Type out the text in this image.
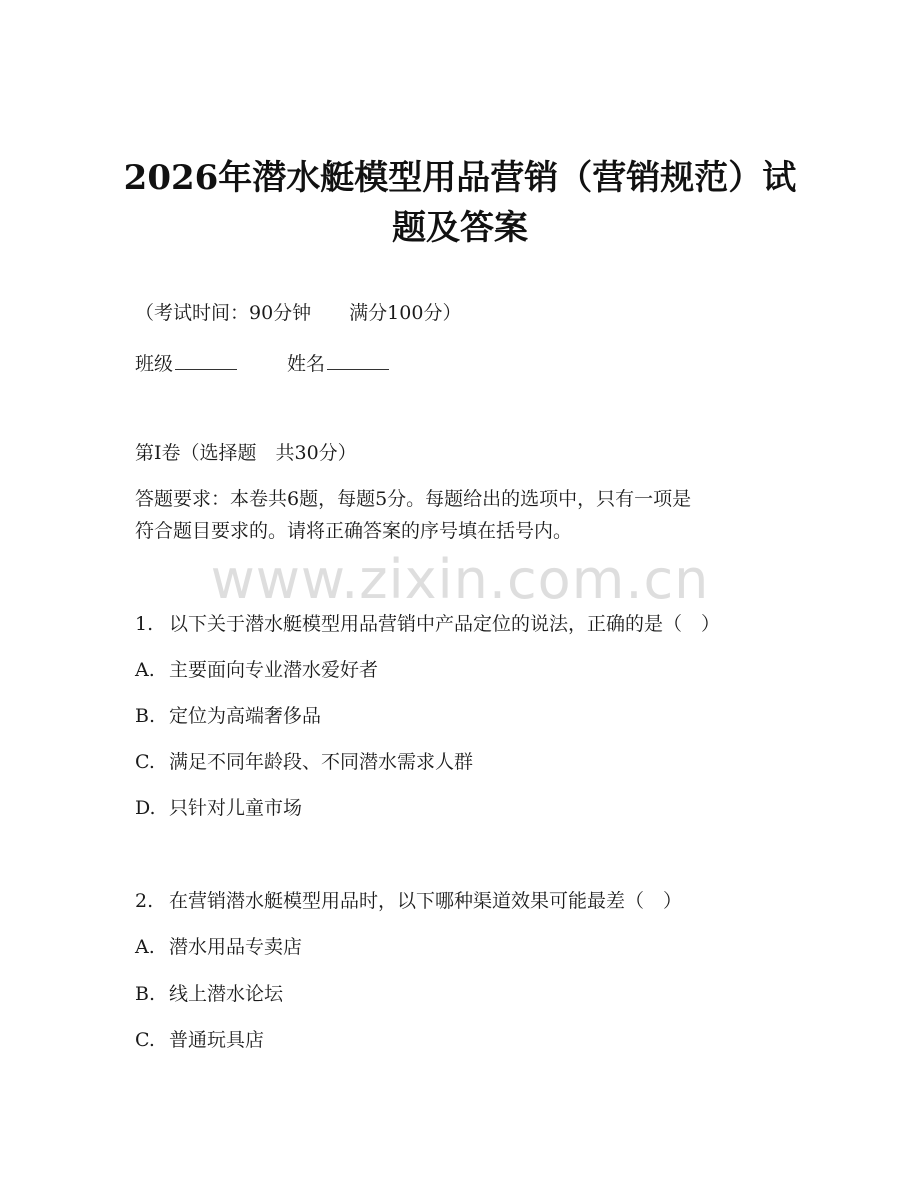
2026年潜水艇模型用品营销（营销规范）试
题及答案
（考试时间：90分钟　　满分100分）
班级	姓名
第I卷（选择题　共30分）
答题要求：本卷共6题，每题5分。每题给出的选项中，只有一项是
符合题目要求的。请将正确答案的序号填在括号内。
www.zixin.com.cn
1. 以下关于潜水艇模型用品营销中产品定位的说法，正确的是（　）
A. 主要面向专业潜水爱好者
B. 定位为高端奢侈品
C. 满足不同年龄段、不同潜水需求人群
D. 只针对儿童市场
2. 在营销潜水艇模型用品时，以下哪种渠道效果可能最差（　）
A. 潜水用品专卖店
B. 线上潜水论坛
C. 普通玩具店
